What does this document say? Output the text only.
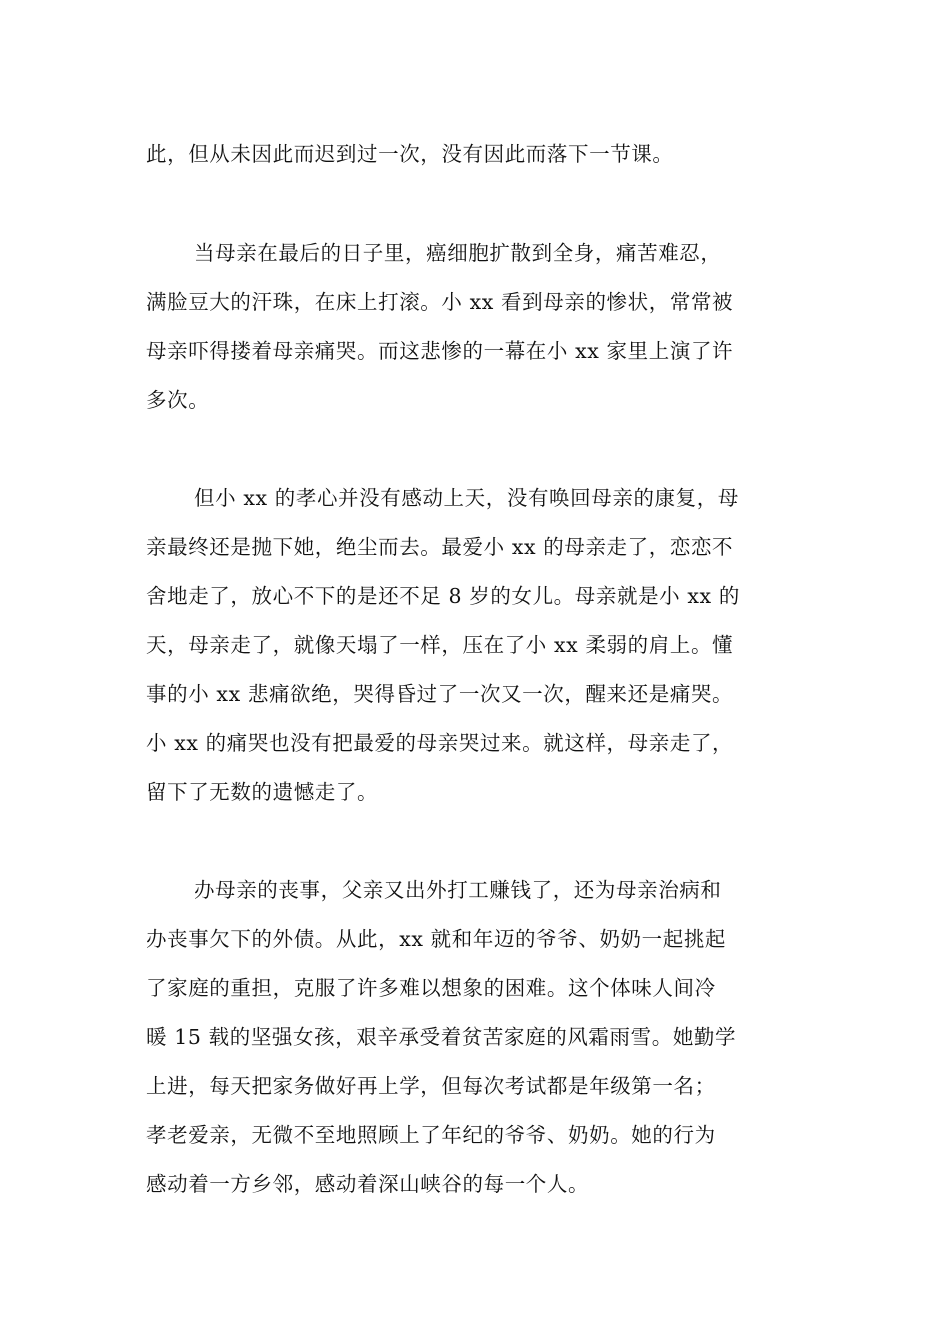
此，但从未因此而迟到过一次，没有因此而落下一节课。
当母亲在最后的日子里，癌细胞扩散到全身，痛苦难忍，
满脸豆大的汗珠，在床上打滚。小 xx 看到母亲的惨状，常常被
母亲吓得搂着母亲痛哭。而这悲惨的一幕在小 xx 家里上演了许
多次。
但小 xx 的孝心并没有感动上天，没有唤回母亲的康复，母
亲最终还是抛下她，绝尘而去。最爱小 xx 的母亲走了，恋恋不
舍地走了，放心不下的是还不足 8 岁的女儿。母亲就是小 xx 的
天，母亲走了，就像天塌了一样，压在了小 xx 柔弱的肩上。懂
事的小 xx 悲痛欲绝，哭得昏过了一次又一次，醒来还是痛哭。
小 xx 的痛哭也没有把最爱的母亲哭过来。就这样，母亲走了，
留下了无数的遗憾走了。
办母亲的丧事，父亲又出外打工赚钱了，还为母亲治病和
办丧事欠下的外债。从此，xx 就和年迈的爷爷、奶奶一起挑起
了家庭的重担，克服了许多难以想象的困难。这个体味人间冷
暖 15 载的坚强女孩，艰辛承受着贫苦家庭的风霜雨雪。她勤学
上进，每天把家务做好再上学，但每次考试都是年级第一名；
孝老爱亲，无微不至地照顾上了年纪的爷爷、奶奶。她的行为
感动着一方乡邻，感动着深山峡谷的每一个人。
